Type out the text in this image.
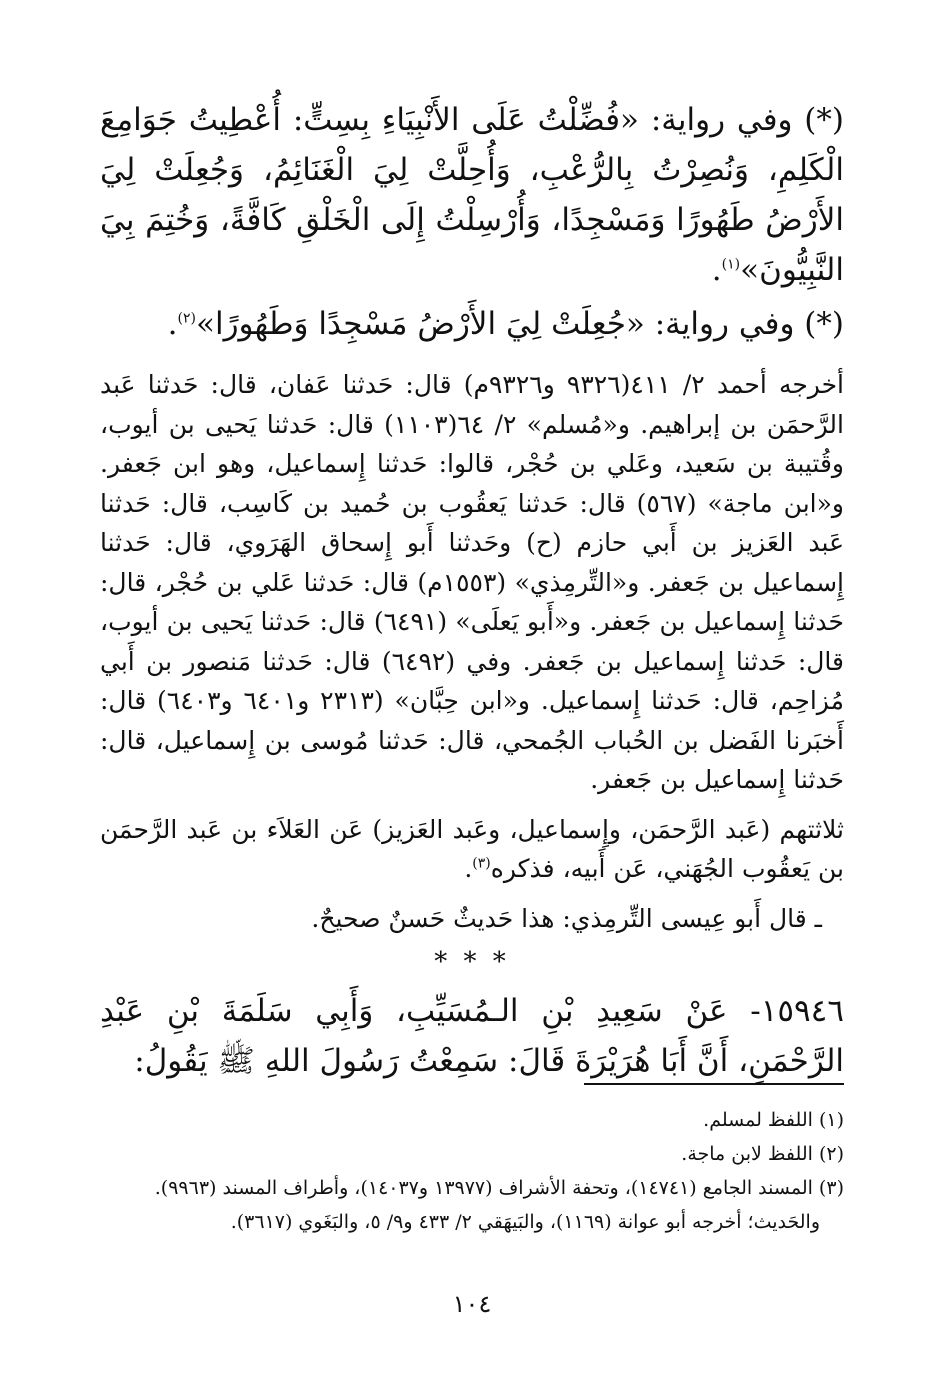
(*) وفي رواية: «فُضِّلْتُ عَلَى الأَنْبِيَاءِ بِسِتٍّ: أُعْطِيتُ جَوَامِعَ الْكَلِمِ، وَنُصِرْتُ بِالرُّعْبِ، وَأُحِلَّتْ لِيَ الْغَنَائِمُ، وَجُعِلَتْ لِيَ الأَرْضُ طَهُورًا وَمَسْجِدًا، وَأُرْسِلْتُ إِلَى الْخَلْقِ كَافَّةً، وَخُتِمَ بِيَ النَّبِيُّونَ»$^{(١)}$.

(*) وفي رواية: «جُعِلَتْ لِيَ الأَرْضُ مَسْجِدًا وَطَهُورًا»$^{(٢)}$.

أخرجه أحمد ٢/ ٤١١(٩٣٢٦ و٩٣٢٦م) قال: حَدثنا عَفان، قال: حَدثنا عَبد الرَّحمَن بن إبراهيم. و«مُسلم» ٢/ ٦٤(١١٠٣) قال: حَدثنا يَحيى بن أيوب، وقُتيبة بن سَعيد، وعَلي بن حُجْر، قالوا: حَدثنا إِسماعيل، وهو ابن جَعفر. و«ابن ماجة» (٥٦٧) قال: حَدثنا يَعقُوب بن حُميد بن كَاسِب، قال: حَدثنا عَبد العَزيز بن أَبي حازم (ح) وحَدثنا أَبو إِسحاق الهَرَوي، قال: حَدثنا إِسماعيل بن جَعفر. و«التِّرمِذي» (١٥٥٣م) قال: حَدثنا عَلي بن حُجْر، قال: حَدثنا إِسماعيل بن جَعفر. و«أَبو يَعلَى» (٦٤٩١) قال: حَدثنا يَحيى بن أيوب، قال: حَدثنا إِسماعيل بن جَعفر. وفي (٦٤٩٢) قال: حَدثنا مَنصور بن أَبي مُزاحِم، قال: حَدثنا إِسماعيل. و«ابن حِبَّان» (٢٣١٣ و٦٤٠١ و٦٤٠٣) قال: أَخبَرنا الفَضل بن الحُباب الجُمحي، قال: حَدثنا مُوسى بن إِسماعيل، قال: حَدثنا إِسماعيل بن جَعفر.

ثلاثتهم (عَبد الرَّحمَن، وإِسماعيل، وعَبد العَزيز) عَن العَلاَء بن عَبد الرَّحمَن بن يَعقُوب الجُهَني، عَن أَبيه، فذكره$^{(٣)}$.

ـ قال أَبو عِيسى التِّرمِذي: هذا حَديثٌ حَسنٌ صحيحٌ.

* * *

١٥٩٤٦- عَنْ سَعِيدِ بْنِ الـمُسَيِّبِ، وَأَبِي سَلَمَةَ بْنِ عَبْدِ الرَّحْمَنِ، أَنَّ أَبَا هُرَيْرَةَ قَالَ: سَمِعْتُ رَسُولَ اللهِ ﷺ يَقُولُ:

(١) اللفظ لمسلم.

(٢) اللفظ لابن ماجة.

(٣) المسند الجامع (١٤٧٤١)، وتحفة الأشراف (١٣٩٧٧ و١٤٠٣٧)، وأطراف المسند (٩٩٦٣).

والحَديث؛ أخرجه أبو عوانة (١١٦٩)، والبَيهَقي ٢/ ٤٣٣ و٩/ ٥، والبَغَوي (٣٦١٧).

١٠٤
